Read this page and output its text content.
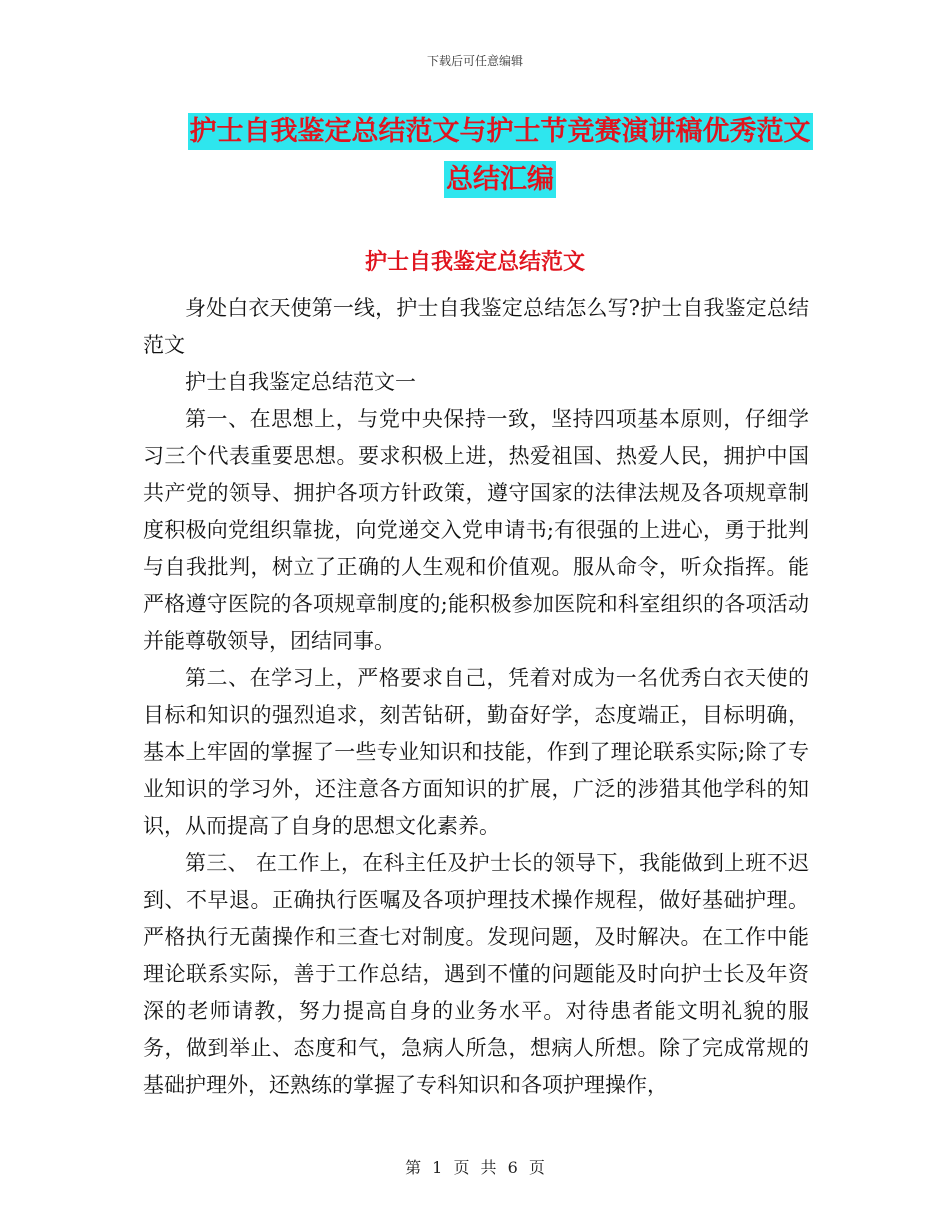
下载后可任意编辑
护士自我鉴定总结范文与护士节竞赛演讲稿优秀范文
总结汇编
护士自我鉴定总结范文

身处白衣天使第一线，护士自我鉴定总结怎么写?护士自我鉴定总结范文

护士自我鉴定总结范文一

第一、在思想上，与党中央保持一致，坚持四项基本原则，仔细学习三个代表重要思想。要求积极上进，热爱祖国、热爱人民，拥护中国共产党的领导、拥护各项方针政策，遵守国家的法律法规及各项规章制度积极向党组织靠拢，向党递交入党申请书;有很强的上进心，勇于批判与自我批判，树立了正确的人生观和价值观。服从命令，听众指挥。能严格遵守医院的各项规章制度的;能积极参加医院和科室组织的各项活动并能尊敬领导，团结同事。

第二、在学习上，严格要求自己，凭着对成为一名优秀白衣天使的目标和知识的强烈追求，刻苦钻研，勤奋好学，态度端正，目标明确，基本上牢固的掌握了一些专业知识和技能，作到了理论联系实际;除了专业知识的学习外，还注意各方面知识的扩展，广泛的涉猎其他学科的知识，从而提高了自身的思想文化素养。

第三、 在工作上，在科主任及护士长的领导下，我能做到上班不迟到、不早退。正确执行医嘱及各项护理技术操作规程，做好基础护理。严格执行无菌操作和三查七对制度。发现问题，及时解决。在工作中能理论联系实际，善于工作总结，遇到不懂的问题能及时向护士长及年资深的老师请教，努力提高自身的业务水平。对待患者能文明礼貌的服务，做到举止、态度和气，急病人所急，想病人所想。除了完成常规的基础护理外，还熟练的掌握了专科知识和各项护理操作，

第 1 页 共 6 页
